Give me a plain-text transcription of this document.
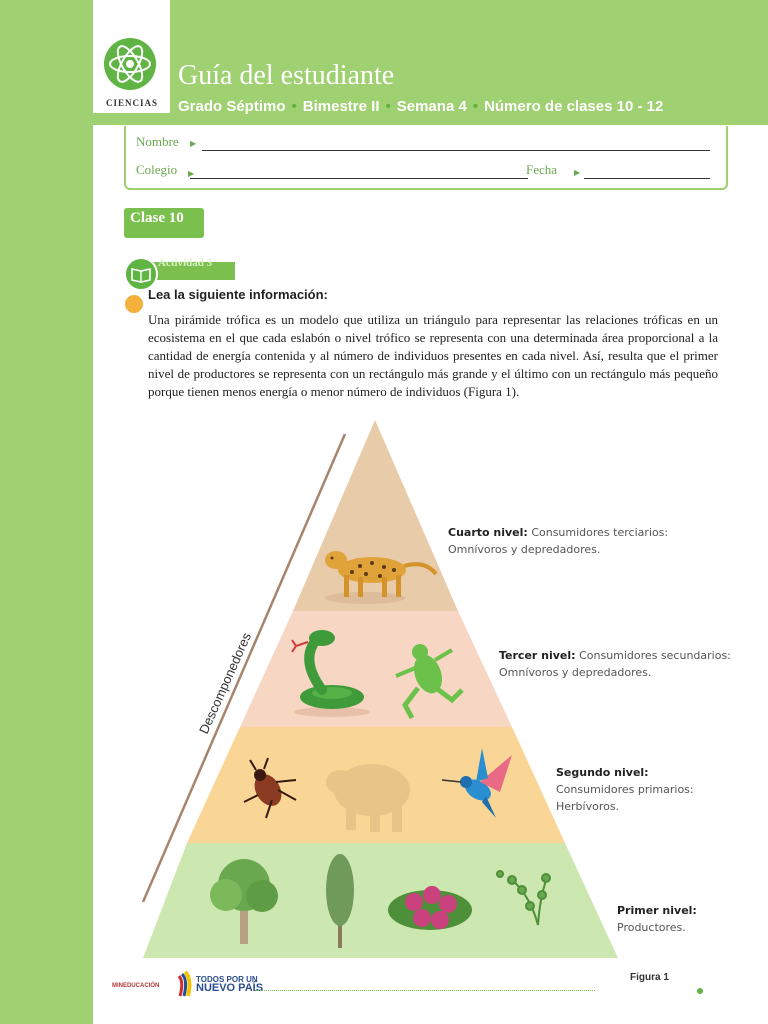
CIENCIAS
Guía del estudiante
Grado Séptimo • Bimestre II • Semana 4 • Número de clases 10 - 12
Nombre ▶
Colegio ▶	Fecha ▶
Clase 10
Actividad 3
Lea la siguiente información:
Una pirámide trófica es un modelo que utiliza un triángulo para representar las relaciones tróficas en un ecosistema en el que cada eslabón o nivel trófico se representa con una determinada área proporcional a la cantidad de energía contenida y al número de individuos presentes en cada nivel. Así, resulta que el primer nivel de productores se representa con un rectángulo más grande y el último con un rectángulo más pequeño porque tienen menos energía o menor número de individuos (Figura 1).
Descomponedores
Cuarto nivel: Consumidores terciarios:
Omnívoros y depredadores.
Tercer nivel: Consumidores secundarios:
Omnívoros y depredadores.
Segundo nivel:
Consumidores primarios:
Herbívoros.
Primer nivel:
Productores.
MINEDUCACIÓN
TODOS POR UN
NUEVO PAÍS
Figura 1
